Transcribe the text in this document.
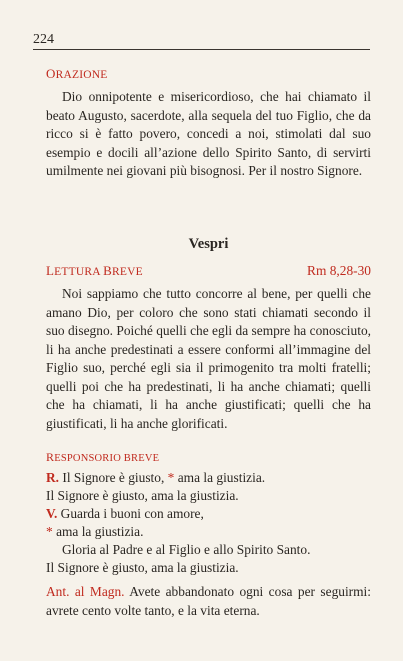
224
ORAZIONE
Dio onnipotente e misericordioso, che hai chiamato il beato Augusto, sacerdote, alla sequela del tuo Figlio, che da ricco si è fatto povero, concedi a noi, stimolati dal suo esempio e docili all’azione dello Spirito Santo, di servirti umilmente nei giovani più bisognosi. Per il nostro Signore.
Vespri
LETTURA BREVE	Rm 8,28-30
Noi sappiamo che tutto concorre al bene, per quelli che amano Dio, per coloro che sono stati chiamati secondo il suo disegno. Poiché quelli che egli da sempre ha conosciuto, li ha anche predestinati a essere conformi all’immagine del Figlio suo, perché egli sia il primogenito tra molti fratelli; quelli poi che ha predestinati, li ha anche chiamati; quelli che ha chiamati, li ha anche giustificati; quelli che ha giustificati, li ha anche glorificati.
RESPONSORIO BREVE
R. Il Signore è giusto, * ama la giustizia.
Il Signore è giusto, ama la giustizia.
V. Guarda i buoni con amore,
* ama la giustizia.
Gloria al Padre e al Figlio e allo Spirito Santo.
Il Signore è giusto, ama la giustizia.
Ant. al Magn. Avete abbandonato ogni cosa per seguirmi: avrete cento volte tanto, e la vita eterna.
